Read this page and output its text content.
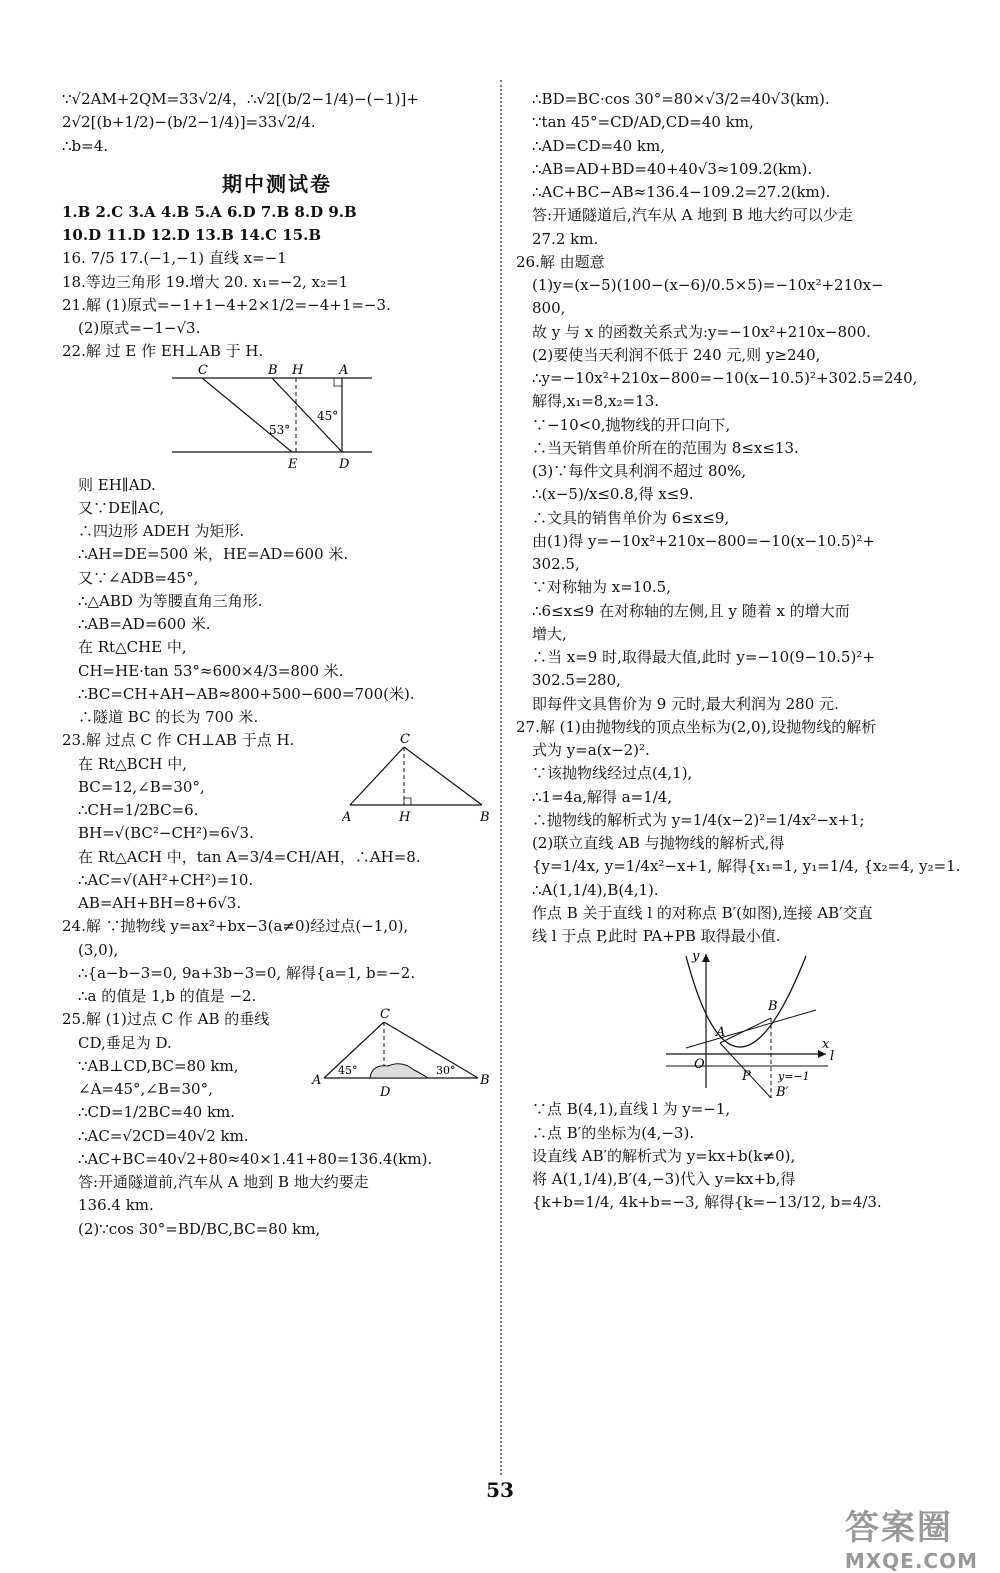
∵√2AM+2QM=33√2/4，∴√2[(b/2−1/4)−(−1)]+
2√2[(b+1/2)−(b/2−1/4)]=33√2/4.
∴b=4.
期中测试卷
1.B 2.C 3.A 4.B 5.A 6.D 7.B 8.D 9.B
10.D 11.D 12.D 13.B 14.C 15.B
16. 7/5 17.(−1,−1) 直线 x=−1
18.等边三角形 19.增大 20. x₁=−2, x₂=1
21.解 (1)原式=−1+1−4+2×1/2=−4+1=−3.
(2)原式=−1−√3.
22.解 过 E 作 EH⊥AB 于 H.
C	B H	A
E	D
53°
45°
则 EH∥AD.
又∵DE∥AC,
∴四边形 ADEH 为矩形.
∴AH=DE=500 米，HE=AD=600 米.
又∵∠ADB=45°,
∴△ABD 为等腰直角三角形.
∴AB=AD=600 米.
在 Rt△CHE 中,
CH=HE·tan 53°≈600×4/3=800 米.
∴BC=CH+AH−AB≈800+500−600=700(米).
∴隧道 BC 的长为 700 米.
23.解 过点 C 作 CH⊥AB 于点 H.
在 Rt△BCH 中,
BC=12,∠B=30°,
∴CH=1/2BC=6.
C
A	H	B
BH=√(BC²−CH²)=6√3.
在 Rt△ACH 中，tan A=3/4=CH/AH，∴AH=8.
∴AC=√(AH²+CH²)=10.
AB=AH+BH=8+6√3.
24.解 ∵抛物线 y=ax²+bx−3(a≠0)经过点(−1,0),
(3,0),
∴{a−b−3=0, 9a+3b−3=0, 解得{a=1, b=−2.
∴a 的值是 1,b 的值是 −2.
25.解 (1)过点 C 作 AB 的垂线
CD,垂足为 D.
∵AB⊥CD,BC=80 km,
∠A=45°,∠B=30°,
∴CD=1/2BC=40 km.
C
A
D
B
45°	30°
∴AC=√2CD=40√2 km.
∴AC+BC=40√2+80≈40×1.41+80=136.4(km).
答:开通隧道前,汽车从 A 地到 B 地大约要走
136.4 km.
(2)∵cos 30°=BD/BC,BC=80 km,
∴BD=BC·cos 30°=80×√3/2=40√3(km).
∵tan 45°=CD/AD,CD=40 km,
∴AD=CD=40 km,
∴AB=AD+BD=40+40√3≈109.2(km).
∴AC+BC−AB≈136.4−109.2=27.2(km).
答:开通隧道后,汽车从 A 地到 B 地大约可以少走
27.2 km.
26.解 由题意
(1)y=(x−5)(100−(x−6)/0.5×5)=−10x²+210x−
800,
故 y 与 x 的函数关系式为:y=−10x²+210x−800.
(2)要使当天利润不低于 240 元,则 y≥240,
∴y=−10x²+210x−800=−10(x−10.5)²+302.5=240,
解得,x₁=8,x₂=13.
∵−10<0,抛物线的开口向下,
∴当天销售单价所在的范围为 8≤x≤13.
(3)∵每件文具利润不超过 80%,
∴(x−5)/x≤0.8,得 x≤9.
∴文具的销售单价为 6≤x≤9,
由(1)得 y=−10x²+210x−800=−10(x−10.5)²+
302.5,
∵对称轴为 x=10.5,
∴6≤x≤9 在对称轴的左侧,且 y 随着 x 的增大而
增大,
∴当 x=9 时,取得最大值,此时 y=−10(9−10.5)²+
302.5=280,
即每件文具售价为 9 元时,最大利润为 280 元.
27.解 (1)由抛物线的顶点坐标为(2,0),设抛物线的解析
式为 y=a(x−2)².
∵该抛物线经过点(4,1),
∴1=4a,解得 a=1/4,
∴抛物线的解析式为 y=1/4(x−2)²=1/4x²−x+1;
(2)联立直线 AB 与抛物线的解析式,得
{y=1/4x, y=1/4x²−x+1, 解得{x₁=1, y₁=1/4, {x₂=4, y₂=1.
∴A(1,1/4),B(4,1).
作点 B 关于直线 l 的对称点 B′(如图),连接 AB′交直
线 l 于点 P,此时 PA+PB 取得最小值.
y
x
O
A
B
P
B′
l
y=−1
∵点 B(4,1),直线 l 为 y=−1,
∴点 B′的坐标为(4,−3).
设直线 AB′的解析式为 y=kx+b(k≠0),
将 A(1,1/4),B′(4,−3)代入 y=kx+b,得
{k+b=1/4, 4k+b=−3, 解得{k=−13/12, b=4/3.
53
答案圈
MXQE.COM
